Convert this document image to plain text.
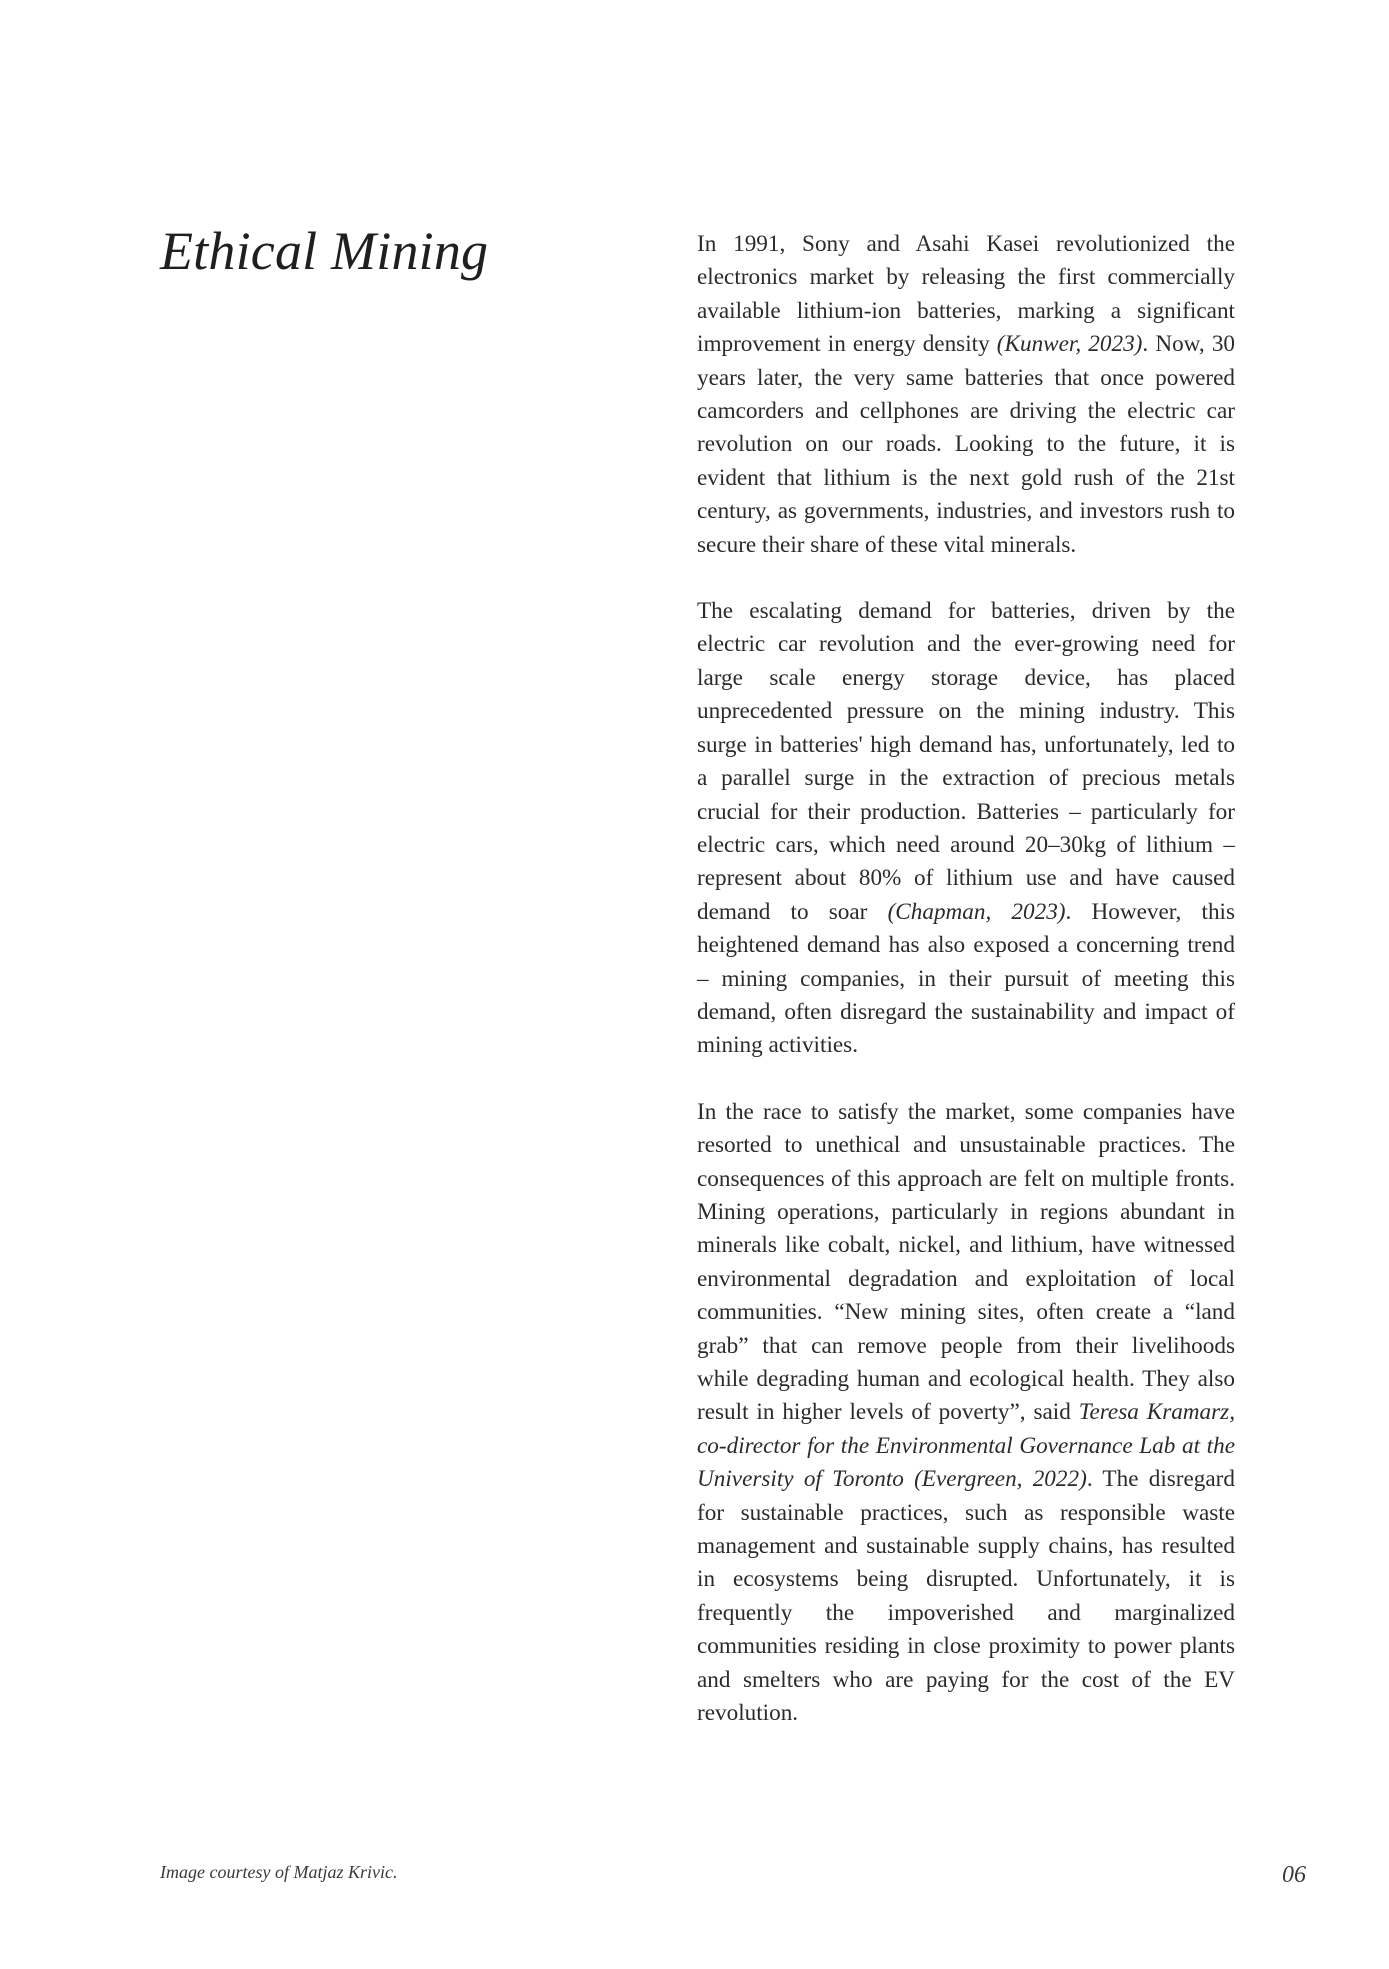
Ethical Mining	In 1991, Sony and Asahi Kasei revolutionized the electronics market by releasing the first commercially available lithium-ion batteries, marking a significant improvement in energy density (Kunwer, 2023). Now, 30 years later, the very same batteries that once powered camcorders and cellphones are driving the electric car revolution on our roads. Looking to the future, it is evident that lithium is the next gold rush of the 21st century, as governments, industries, and investors rush to secure their share of these vital minerals.

The escalating demand for batteries, driven by the electric car revolution and the ever-growing need for large scale energy storage device, has placed unprecedented pressure on the mining industry. This surge in batteries' high demand has, unfortunately, led to a parallel surge in the extraction of precious metals crucial for their production. Batteries – particularly for electric cars, which need around 20–30kg of lithium – represent about 80% of lithium use and have caused demand to soar (Chapman, 2023). However, this heightened demand has also exposed a concerning trend – mining companies, in their pursuit of meeting this demand, often disregard the sustainability and impact of mining activities.

In the race to satisfy the market, some companies have resorted to unethical and unsustainable practices. The consequences of this approach are felt on multiple fronts. Mining operations, particularly in regions abundant in minerals like cobalt, nickel, and lithium, have witnessed environmental degradation and exploitation of local communities. “New mining sites, often create a “land grab” that can remove people from their livelihoods while degrading human and ecological health. They also result in higher levels of poverty”, said Teresa Kramarz, co-director for the Environmental Governance Lab at the University of Toronto (Evergreen, 2022). The disregard for sustainable practices, such as responsible waste management and sustainable supply chains, has resulted in ecosystems being disrupted. Unfortunately, it is frequently the impoverished and marginalized communities residing in close proximity to power plants and smelters who are paying for the cost of the EV revolution.

Image courtesy of Matjaz Krivic.	06
